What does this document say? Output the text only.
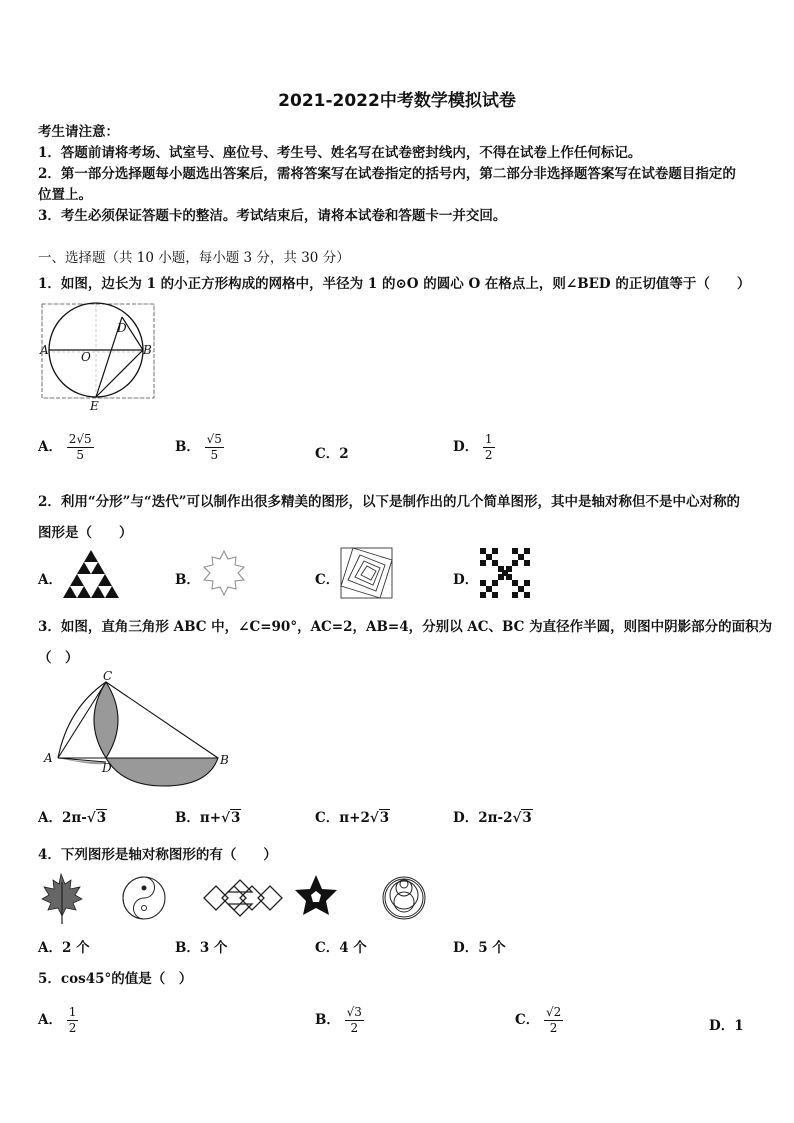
2021-2022中考数学模拟试卷
考生请注意：
1．答题前请将考场、试室号、座位号、考生号、姓名写在试卷密封线内，不得在试卷上作任何标记。
2．第一部分选择题每小题选出答案后，需将答案写在试卷指定的括号内，第二部分非选择题答案写在试卷题目指定的
位置上。
3．考生必须保证答题卡的整洁。考试结束后，请将本试卷和答题卡一并交回。
一、选择题（共 10 小题，每小题 3 分，共 30 分）
1．如图，边长为 1 的小正方形构成的网格中，半径为 1 的⊙O 的圆心 O 在格点上，则∠BED 的正切值等于（　　）
A	B
O
D
E
A． $\frac{2√5}{5}$	B． $\frac{√5}{5}$	C．2	D． $\frac{1}{2}$
2．利用“分形”与“迭代”可以制作出很多精美的图形，以下是制作出的几个简单图形，其中是轴对称但不是中心对称的
图形是（　　）
A．	B．	C．	D．
3．如图，直角三角形 ABC 中，∠C=90°，AC=2，AB=4，分别以 AC、BC 为直径作半圆，则图中阴影部分的面积为
（　）
C
A	B
D
A．2π-√3	B．π+√3	C．π+2√3	D．2π-2√3
4．下列图形是轴对称图形的有（　　）
A．2 个	B．3 个	C．4 个	D．5 个
5．cos45°的值是（　）
A． $\frac{1}{2}$	B． $\frac{√3}{2}$	C． $\frac{√2}{2}$	D．1
